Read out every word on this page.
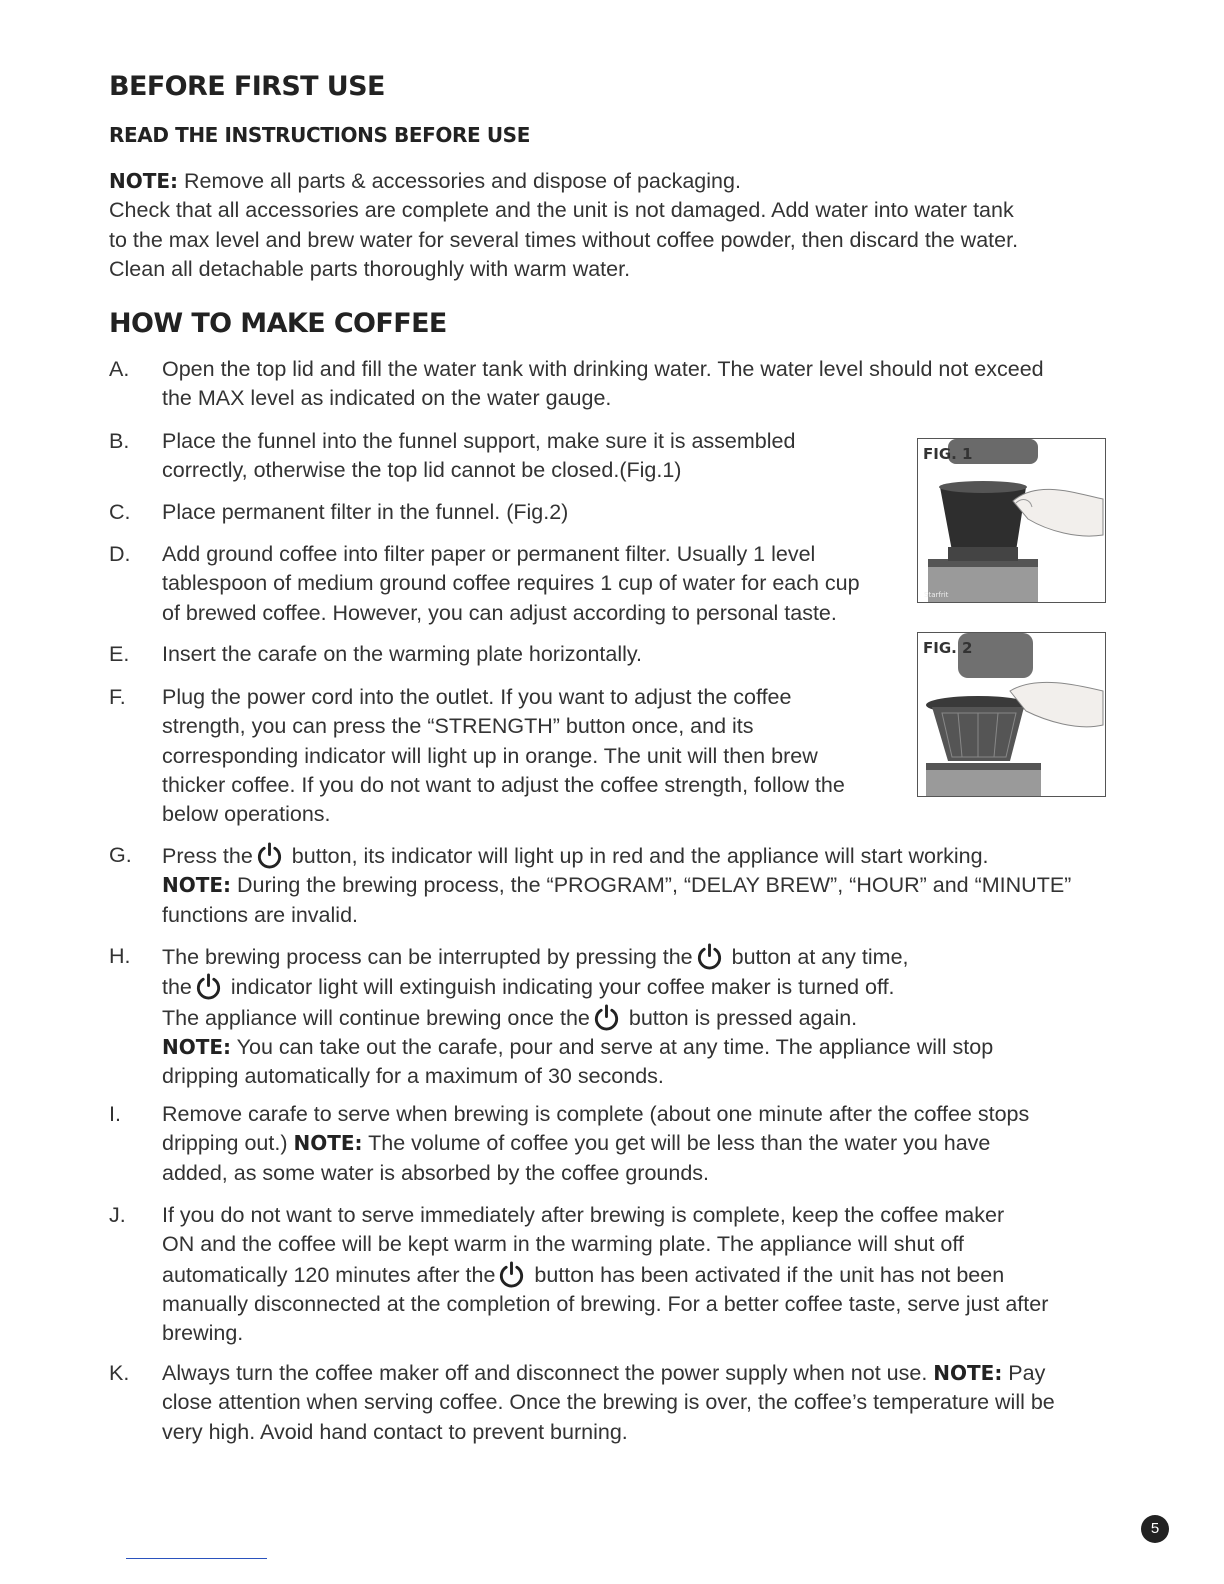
BEFORE FIRST USE
READ THE INSTRUCTIONS BEFORE USE
NOTE: Remove all parts & accessories and dispose of packaging.
Check that all accessories are complete and the unit is not damaged. Add water into water tank
to the max level and brew water for several times without coffee powder, then discard the water.
Clean all detachable parts thoroughly with warm water.
HOW TO MAKE COFFEE
A. Open the top lid and fill the water tank with drinking water. The water level should not exceed
the MAX level as indicated on the water gauge.
B. Place the funnel into the funnel support, make sure it is assembled
correctly, otherwise the top lid cannot be closed.(Fig.1)
C. Place permanent filter in the funnel. (Fig.2)
D. Add ground coffee into filter paper or permanent filter. Usually 1 level
tablespoon of medium ground coffee requires 1 cup of water for each cup
of brewed coffee. However, you can adjust according to personal taste.
E. Insert the carafe on the warming plate horizontally.
F. Plug the power cord into the outlet. If you want to adjust the coffee
strength, you can press the “STRENGTH” button once, and its
corresponding indicator will light up in orange. The unit will then brew
thicker coffee. If you do not want to adjust the coffee strength, follow the
below operations.
G. Press the button, its indicator will light up in red and the appliance will start working.
NOTE: During the brewing process, the “PROGRAM”, “DELAY BREW”, “HOUR” and “MINUTE”
functions are invalid.
H. The brewing process can be interrupted by pressing the button at any time,
the indicator light will extinguish indicating your coffee maker is turned off.
The appliance will continue brewing once the button is pressed again.
NOTE: You can take out the carafe, pour and serve at any time. The appliance will stop
dripping automatically for a maximum of 30 seconds.
I. Remove carafe to serve when brewing is complete (about one minute after the coffee stops
dripping out.) NOTE: The volume of coffee you get will be less than the water you have
added, as some water is absorbed by the coffee grounds.
J. If you do not want to serve immediately after brewing is complete, keep the coffee maker
ON and the coffee will be kept warm in the warming plate. The appliance will shut off
automatically 120 minutes after the button has been activated if the unit has not been
manually disconnected at the completion of brewing. For a better coffee taste, serve just after
brewing.
K. Always turn the coffee maker off and disconnect the power supply when not use. NOTE: Pay
close attention when serving coffee. Once the brewing is over, the coffee’s temperature will be
very high. Avoid hand contact to prevent burning.
Starfrit
FIG. 1
FIG. 2
5
